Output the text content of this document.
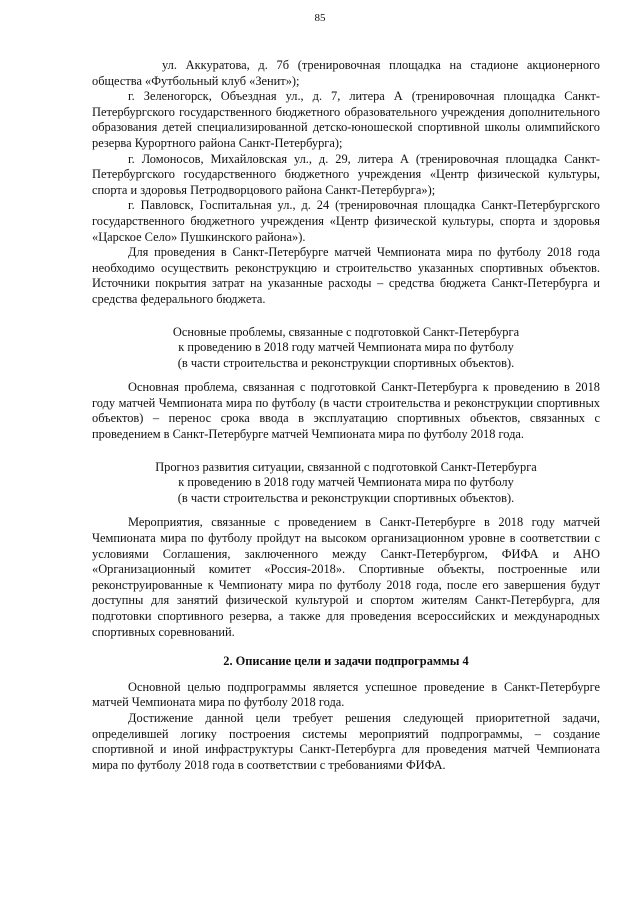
85

ул. Аккуратова, д. 7б (тренировочная площадка на стадионе акционерного общества «Футбольный клуб «Зенит»);

г. Зеленогорск, Объездная ул., д. 7, литера А (тренировочная площадка Санкт-Петербургского государственного бюджетного образовательного учреждения дополнительного образования детей специализированной детско-юношеской спортивной школы олимпийского резерва Курортного района Санкт-Петербурга);

г. Ломоносов, Михайловская ул., д. 29, литера А (тренировочная площадка Санкт-Петербургского государственного бюджетного учреждения «Центр физической культуры, спорта и здоровья Петродворцового района Санкт-Петербурга»);

г. Павловск, Госпитальная ул., д. 24 (тренировочная площадка Санкт-Петербургского государственного бюджетного учреждения «Центр физической культуры, спорта и здоровья «Царское Село» Пушкинского района»).

Для проведения в Санкт-Петербурге матчей Чемпионата мира по футболу 2018 года необходимо осуществить реконструкцию и строительство указанных спортивных объектов. Источники покрытия затрат на указанные расходы – средства бюджета Санкт-Петербурга и средства федерального бюджета.

Основные проблемы, связанные с подготовкой Санкт-Петербурга
к проведению в 2018 году матчей Чемпионата мира по футболу
(в части строительства и реконструкции спортивных объектов).

Основная проблема, связанная с подготовкой Санкт-Петербурга к проведению в 2018 году матчей Чемпионата мира по футболу (в части строительства и реконструкции спортивных объектов) – перенос срока ввода в эксплуатацию спортивных объектов, связанных с проведением в Санкт-Петербурге матчей Чемпионата мира по футболу 2018 года.

Прогноз развития ситуации, связанной с подготовкой Санкт-Петербурга
к проведению в 2018 году матчей Чемпионата мира по футболу
(в части строительства и реконструкции спортивных объектов).

Мероприятия, связанные с проведением в Санкт-Петербурге в 2018 году матчей Чемпионата мира по футболу пройдут на высоком организационном уровне в соответствии с условиями Соглашения, заключенного между Санкт-Петербургом, ФИФА и АНО «Организационный комитет «Россия-2018». Спортивные объекты, построенные или реконструированные к Чемпионату мира по футболу 2018 года, после его завершения будут доступны для занятий физической культурой и спортом жителям Санкт-Петербурга, для подготовки спортивного резерва, а также для проведения всероссийских и международных спортивных соревнований.

2. Описание цели и задачи подпрограммы 4

Основной целью подпрограммы является успешное проведение в Санкт-Петербурге матчей Чемпионата мира по футболу 2018 года.

Достижение данной цели требует решения следующей приоритетной задачи, определившей логику построения системы мероприятий подпрограммы, – создание спортивной и иной инфраструктуры Санкт-Петербурга для проведения матчей Чемпионата мира по футболу 2018 года в соответствии с требованиями ФИФА.
